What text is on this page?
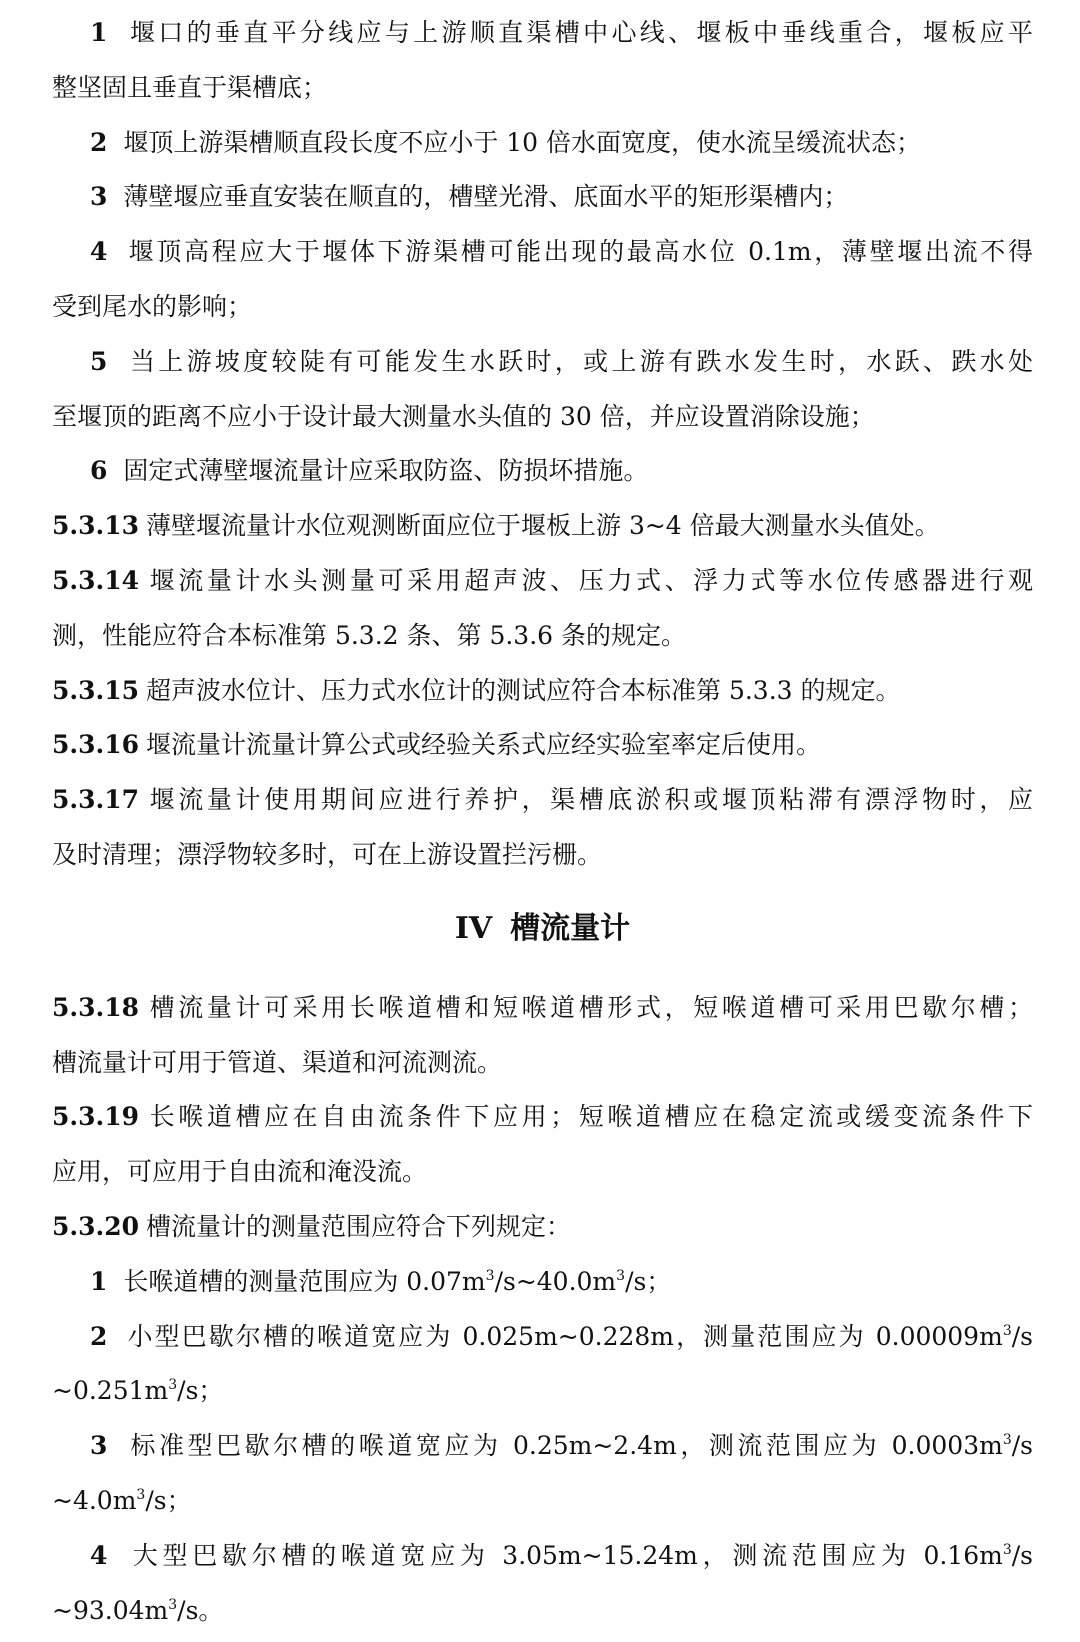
1 堰口的垂直平分线应与上游顺直渠槽中心线、堰板中垂线重合，堰板应平

整坚固且垂直于渠槽底；

2 堰顶上游渠槽顺直段长度不应小于 10 倍水面宽度，使水流呈缓流状态；

3 薄壁堰应垂直安装在顺直的，槽壁光滑、底面水平的矩形渠槽内；

4 堰顶高程应大于堰体下游渠槽可能出现的最高水位 0.1m，薄壁堰出流不得

受到尾水的影响；

5 当上游坡度较陡有可能发生水跃时，或上游有跌水发生时，水跃、跌水处

至堰顶的距离不应小于设计最大测量水头值的 30 倍，并应设置消除设施；

6 固定式薄壁堰流量计应采取防盗、防损坏措施。

5.3.13 薄壁堰流量计水位观测断面应位于堰板上游 3~4 倍最大测量水头值处。

5.3.14 堰流量计水头测量可采用超声波、压力式、浮力式等水位传感器进行观

测，性能应符合本标准第 5.3.2 条、第 5.3.6 条的规定。

5.3.15 超声波水位计、压力式水位计的测试应符合本标准第 5.3.3 的规定。

5.3.16 堰流量计流量计算公式或经验关系式应经实验室率定后使用。

5.3.17 堰流量计使用期间应进行养护，渠槽底淤积或堰顶粘滞有漂浮物时，应

及时清理；漂浮物较多时，可在上游设置拦污栅。

IV 槽流量计

5.3.18 槽流量计可采用长喉道槽和短喉道槽形式，短喉道槽可采用巴歇尔槽；

槽流量计可用于管道、渠道和河流测流。

5.3.19 长喉道槽应在自由流条件下应用；短喉道槽应在稳定流或缓变流条件下

应用，可应用于自由流和淹没流。

5.3.20 槽流量计的测量范围应符合下列规定：

1 长喉道槽的测量范围应为 $0.07m^3/s\sim 40.0m^3/s$；

2 小型巴歇尔槽的喉道宽应为 0.025m~0.228m，测量范围应为 $0.00009m^3/s$

$\sim 0.251m^3/s$；

3 标准型巴歇尔槽的喉道宽应为 0.25m~2.4m，测流范围应为 $0.0003m^3/s$

$\sim 4.0m^3/s$；

4 大型巴歇尔槽的喉道宽应为 3.05m~15.24m，测流范围应为 $0.16m^3/s$

$\sim 93.04m^3/s$。
